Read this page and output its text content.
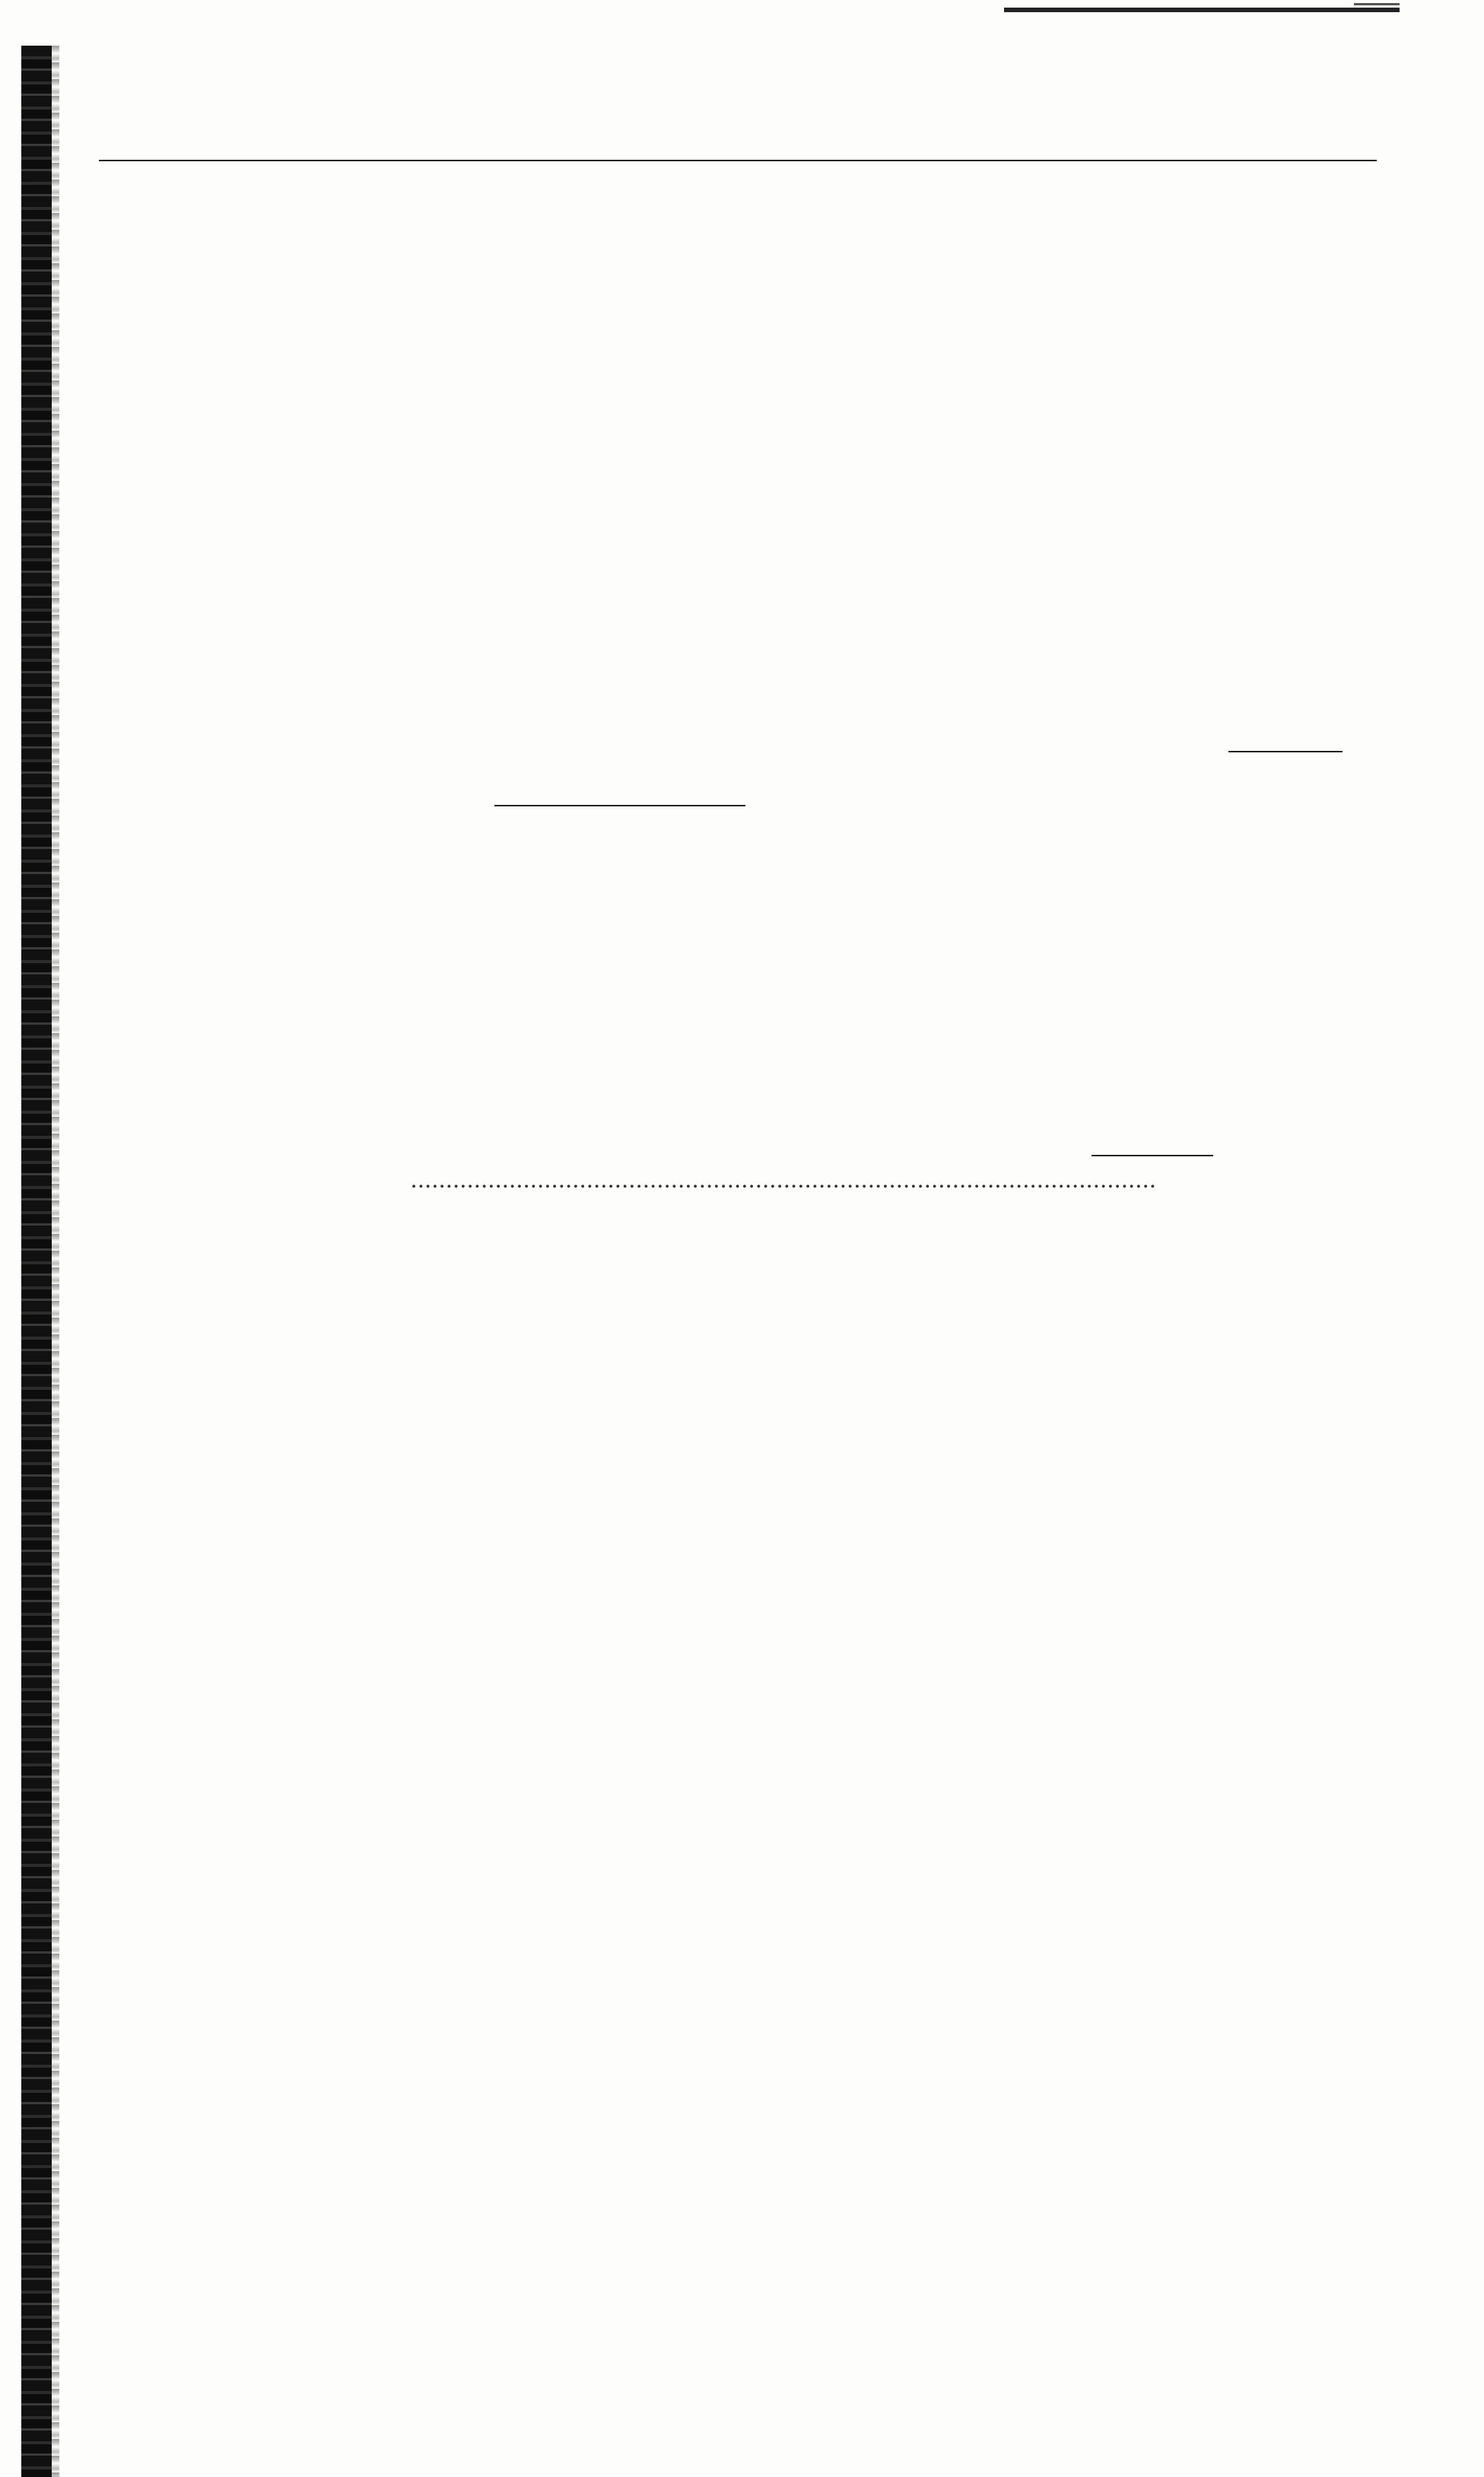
..........................................................................................................
